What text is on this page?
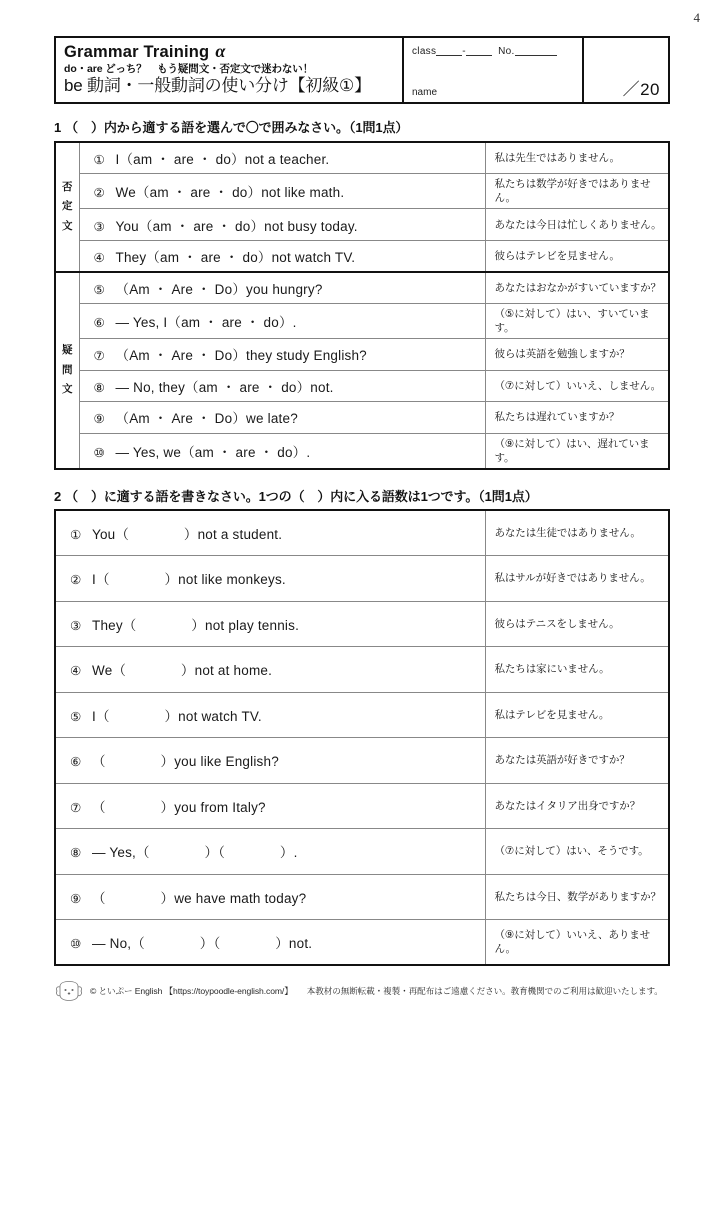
4
Grammar Training α
do・are どっち？　もう疑問文・否定文で迷わない！
be 動詞・一般動詞の使い分け【初級①】
class	-	No.
name	／20
1 （　）内から適する語を選んで〇で囲みなさい。（1問1点）
否
定
文	① I（am ・ are ・ do）not a teacher.	私は先生ではありません。
	② We（am ・ are ・ do）not like math.	私たちは数学が好きではありません。
	③ You（am ・ are ・ do）not busy today.	あなたは今日は忙しくありません。
	④ They（am ・ are ・ do）not watch TV.	彼らはテレビを見ません。

疑
問
文	⑤ （Am ・ Are ・ Do）you hungry?	あなたはおなかがすいていますか？
	⑥ — Yes, I（am ・ are ・ do）.	（⑤に対して）はい、すいています。
	⑦ （Am ・ Are ・ Do）they study English?	彼らは英語を勉強しますか？
	⑧ — No, they（am ・ are ・ do）not.	（⑦に対して）いいえ、しません。
	⑨ （Am ・ Are ・ Do）we late?	私たちは遅れていますか？
	⑩ — Yes, we（am ・ are ・ do）.	（⑨に対して）はい、遅れています。
2 （　）に適する語を書きなさい。1つの（　）内に入る語数は1つです。（1問1点）
① You（　　　　）not a student.	あなたは生徒ではありません。
② I（　　　　）not like monkeys.	私はサルが好きではありません。
③ They（　　　　）not play tennis.	彼らはテニスをしません。
④ We（　　　　）not at home.	私たちは家にいません。
⑤ I（　　　　）not watch TV.	私はテレビを見ません。
⑥ （　　　　）you like English?	あなたは英語が好きですか？
⑦ （　　　　）you from Italy?	あなたはイタリア出身ですか？
⑧ — Yes,（　　　　）（　　　　）.	（⑦に対して）はい、そうです。
⑨ （　　　　）we have math today?	私たちは今日、数学がありますか？
⑩ — No,（　　　　）（　　　　）not.	（⑨に対して）いいえ、ありません。
© といぷー English 【https://toypoodle-english.com/】 本教材の無断転載・複製・再配布はご遠慮ください。教育機関でのご利用は歓迎いたします。
